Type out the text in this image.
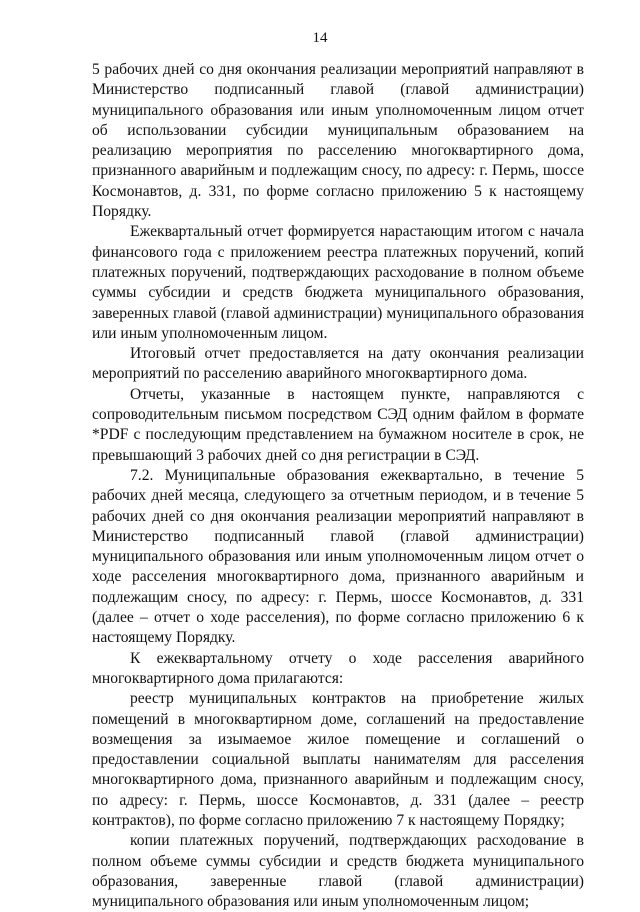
14

5 рабочих дней со дня окончания реализации мероприятий направляют в Министерство подписанный главой (главой администрации) муниципального образования или иным уполномоченным лицом отчет об использовании субсидии муниципальным образованием на реализацию мероприятия по расселению многоквартирного дома, признанного аварийным и подлежащим сносу, по адресу: г. Пермь, шоссе Космонавтов, д. 331, по форме согласно приложению 5 к настоящему Порядку.

Ежеквартальный отчет формируется нарастающим итогом с начала финансового года с приложением реестра платежных поручений, копий платежных поручений, подтверждающих расходование в полном объеме суммы субсидии и средств бюджета муниципального образования, заверенных главой (главой администрации) муниципального образования или иным уполномоченным лицом.

Итоговый отчет предоставляется на дату окончания реализации мероприятий по расселению аварийного многоквартирного дома.

Отчеты, указанные в настоящем пункте, направляются с сопроводительным письмом посредством СЭД одним файлом в формате *PDF с последующим представлением на бумажном носителе в срок, не превышающий 3 рабочих дней со дня регистрации в СЭД.

7.2. Муниципальные образования ежеквартально, в течение 5 рабочих дней месяца, следующего за отчетным периодом, и в течение 5 рабочих дней со дня окончания реализации мероприятий направляют в Министерство подписанный главой (главой администрации) муниципального образования или иным уполномоченным лицом отчет о ходе расселения многоквартирного дома, признанного аварийным и подлежащим сносу, по адресу: г. Пермь, шоссе Космонавтов, д. 331 (далее – отчет о ходе расселения), по форме согласно приложению 6 к настоящему Порядку.

К ежеквартальному отчету о ходе расселения аварийного многоквартирного дома прилагаются:

реестр муниципальных контрактов на приобретение жилых помещений в многоквартирном доме, соглашений на предоставление возмещения за изымаемое жилое помещение и соглашений о предоставлении социальной выплаты нанимателям для расселения многоквартирного дома, признанного аварийным и подлежащим сносу, по адресу: г. Пермь, шоссе Космонавтов, д. 331 (далее – реестр контрактов), по форме согласно приложению 7 к настоящему Порядку;

копии платежных поручений, подтверждающих расходование в полном объеме суммы субсидии и средств бюджета муниципального образования, заверенные главой (главой администрации) муниципального образования или иным уполномоченным лицом;
